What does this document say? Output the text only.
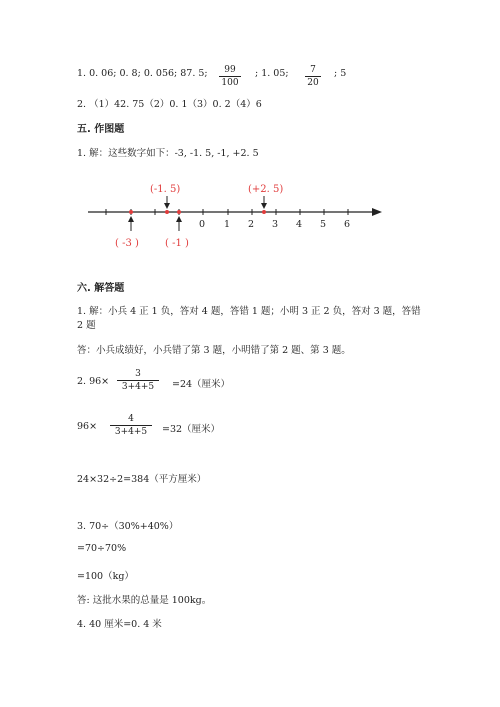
1. 0. 06; 0. 8; 0. 056; 87. 5; $\frac{99}{100}$ ; 1. 05; $\frac{7}{20}$ ; 5
2. （1）42. 75（2）0. 1（3）0. 2（4）6
五. 作图题
1. 解：这些数字如下：-3, -1. 5, -1, +2. 5
0 1 2 3 4 5 6
(-1. 5)	(+2. 5)
( -3 )	( -1 )
六. 解答题
1. 解：小兵 4 正 1 负，答对 4 题，答错 1 题；小明 3 正 2 负，答对 3 题，答错
2 题
答：小兵成绩好，小兵错了第 3 题，小明错了第 2 题、第 3 题。
2. $96\times \frac{3}{3+4+5} =24$（厘米）
$96\times \frac{4}{3+4+5} =32$（厘米）
24×32÷2=384（平方厘米）
3. 70÷（30%+40%）
=70÷70%
=100（kg）
答: 这批水果的总量是 100kg。
4. 40 厘米=0. 4 米
